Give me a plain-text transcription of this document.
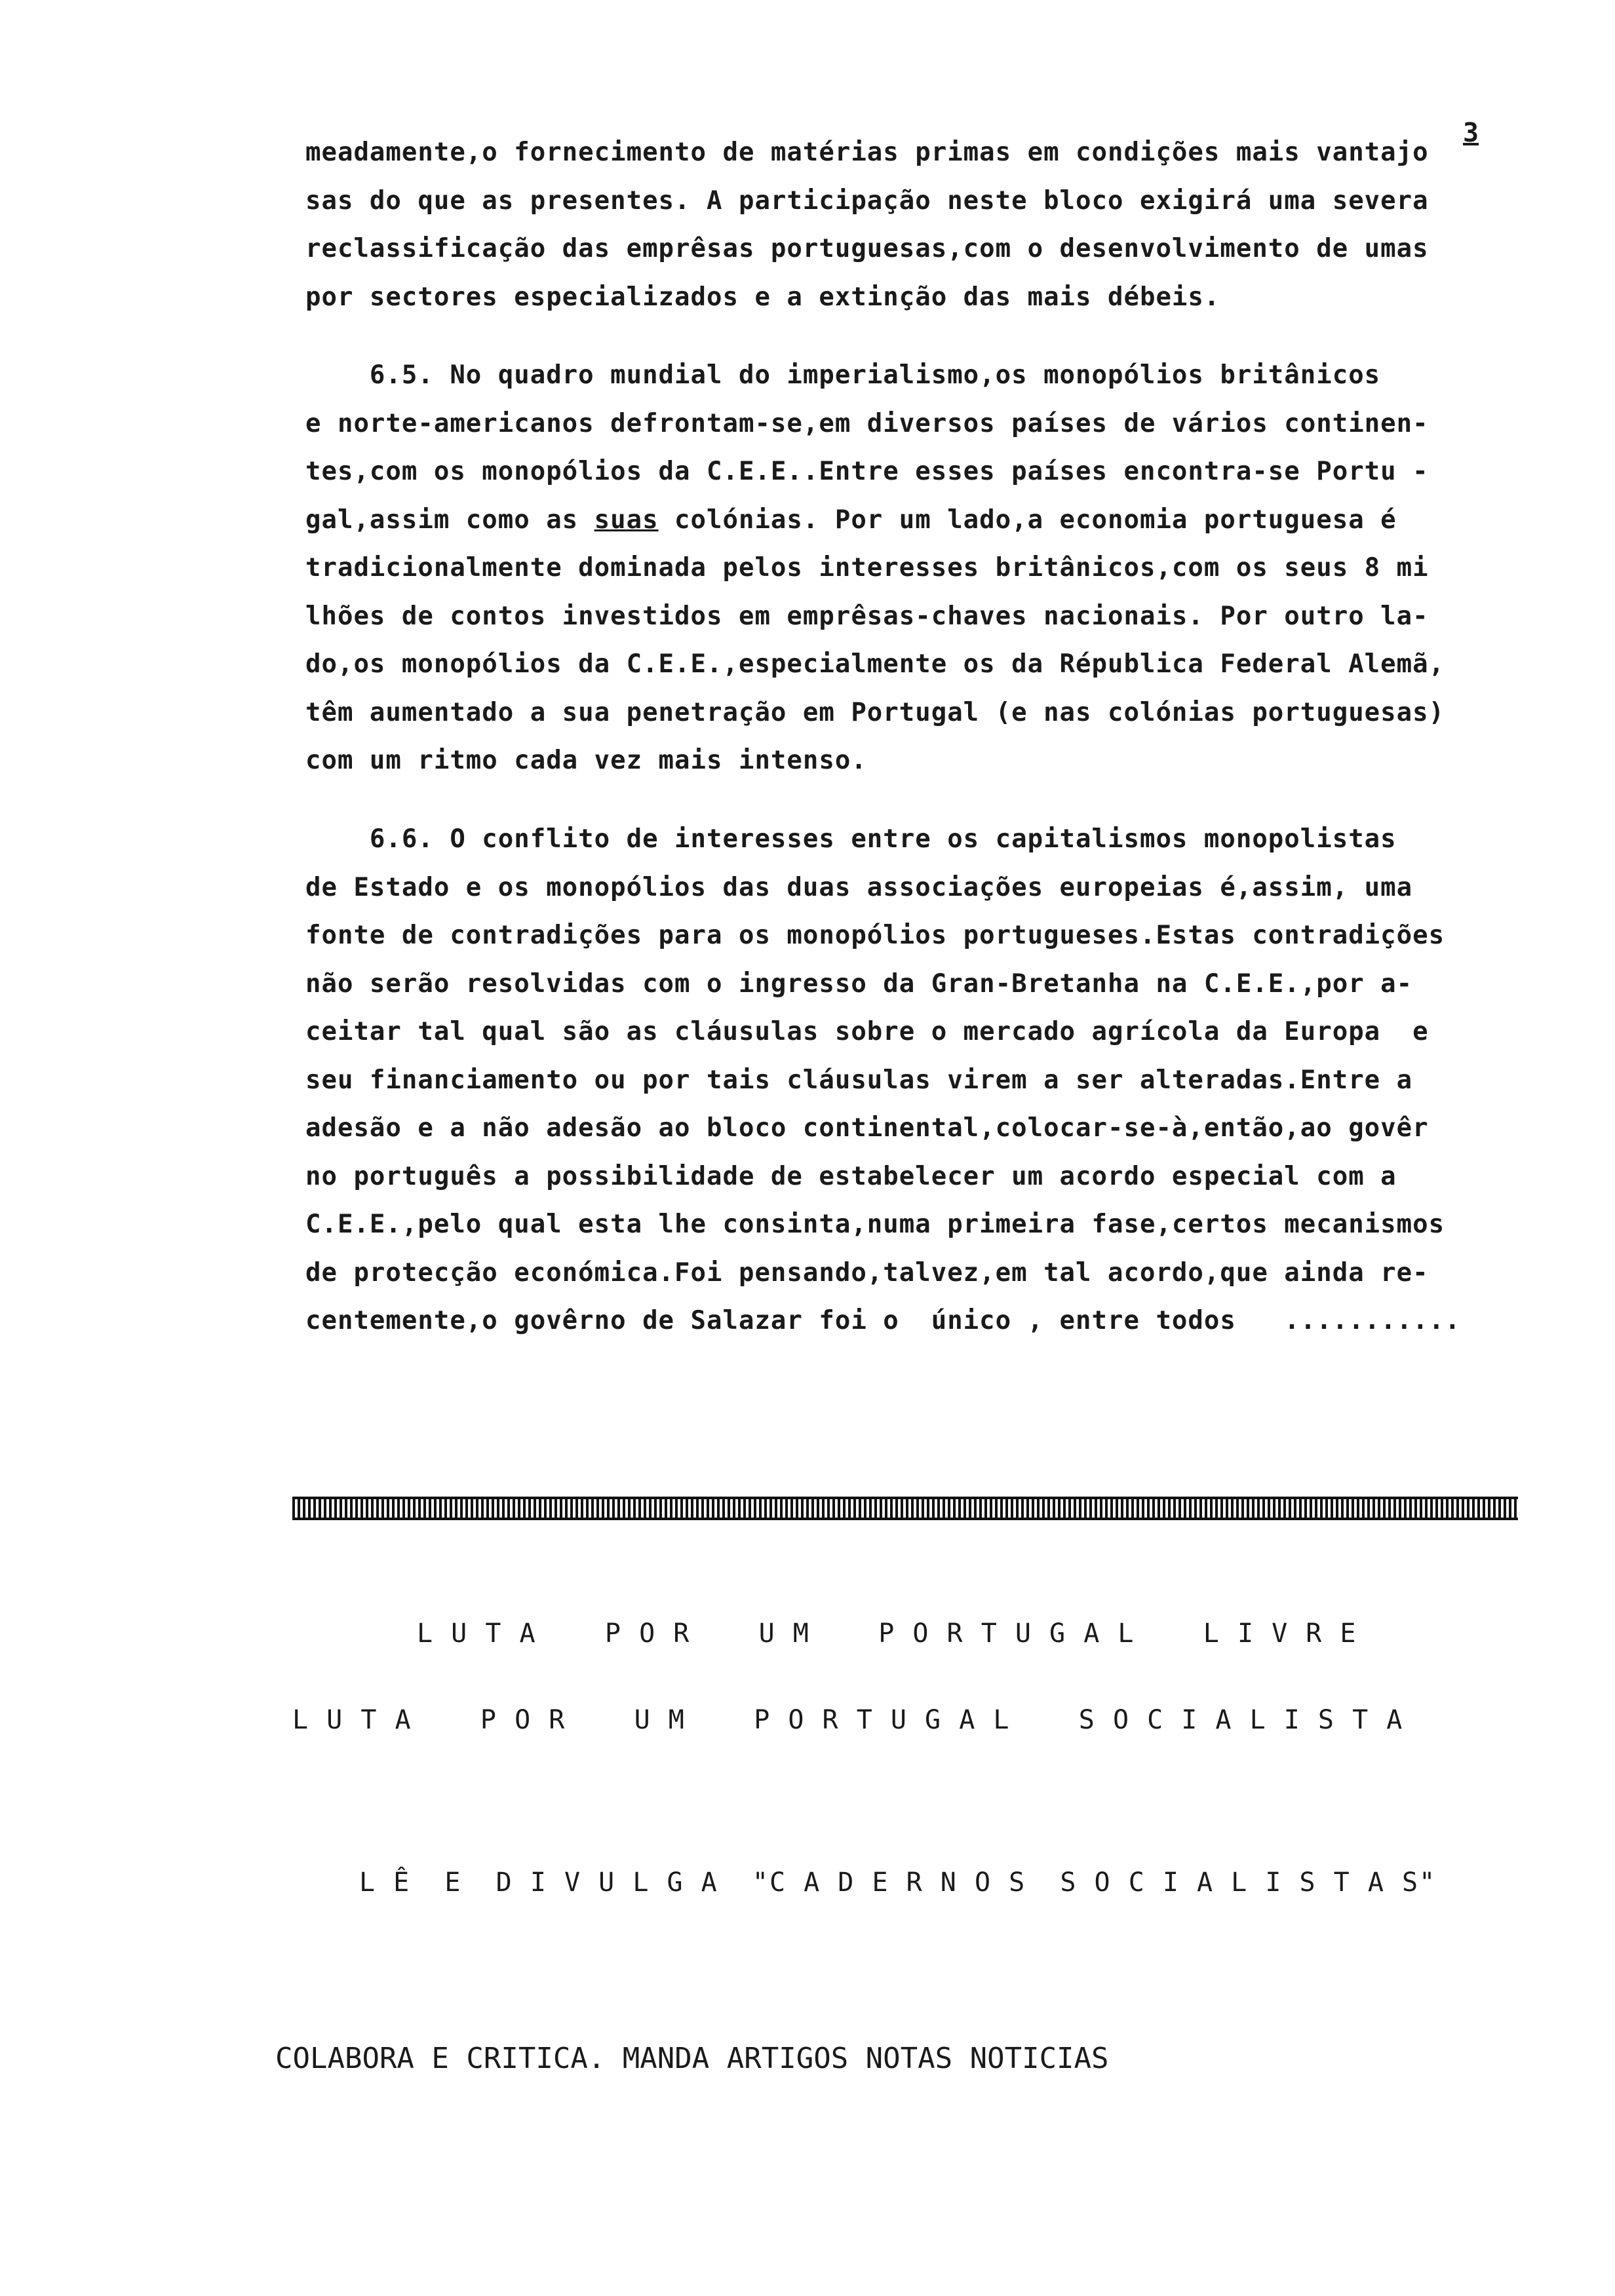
3
meadamente,o fornecimento de matérias primas em condições mais vantajo
sas do que as presentes. A participação neste bloco exigirá uma severa
reclassificação das emprêsas portuguesas,com o desenvolvimento de umas
por sectores especializados e a extinção das mais débeis.
6.5. No quadro mundial do imperialismo,os monopólios britânicos
e norte-americanos defrontam-se,em diversos países de vários continen-
tes,com os monopólios da C.E.E..Entre esses países encontra-se Portu -
gal,assim como as suas colónias. Por um lado,a economia portuguesa é
tradicionalmente dominada pelos interesses britânicos,com os seus 8 mi
lhões de contos investidos em emprêsas-chaves nacionais. Por outro la-
do,os monopólios da C.E.E.,especialmente os da Républica Federal Alemã,
têm aumentado a sua penetração em Portugal (e nas colónias portuguesas)
com um ritmo cada vez mais intenso.
6.6. O conflito de interesses entre os capitalismos monopolistas
de Estado e os monopólios das duas associações europeias é,assim, uma
fonte de contradições para os monopólios portugueses.Estas contradições
não serão resolvidas com o ingresso da Gran-Bretanha na C.E.E.,por a-
ceitar tal qual são as cláusulas sobre o mercado agrícola da Europa  e
seu financiamento ou por tais cláusulas virem a ser alteradas.Entre a
adesão e a não adesão ao bloco continental,colocar-se-à,então,ao govêr
no português a possibilidade de estabelecer um acordo especial com a
C.E.E.,pelo qual esta lhe consinta,numa primeira fase,certos mecanismos
de protecção económica.Foi pensando,talvez,em tal acordo,que ainda re-
centemente,o govêrno de Salazar foi o  único , entre todos   ...........
L U T A    P O R    U M    P O R T U G A L    L I V R E
L U T A    P O R    U M    P O R T U G A L    S O C I A L I S T A
L Ê  E  D I V U L G A  "C A D E R N O S  S O C I A L I S T A S"
COLABORA E CRITICA. MANDA ARTIGOS NOTAS NOTICIAS
